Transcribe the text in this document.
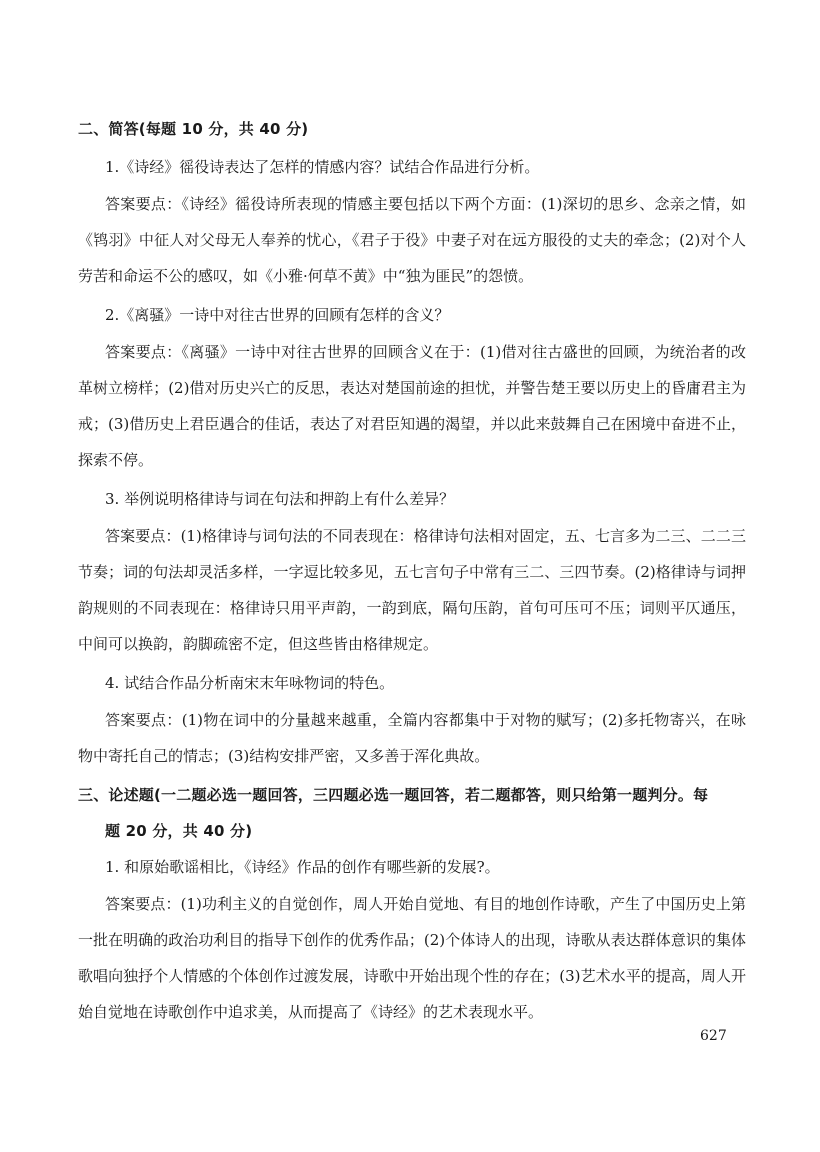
二、简答(每题 10 分，共 40 分)

1.《诗经》徭役诗表达了怎样的情感内容？试结合作品进行分析。

答案要点：《诗经》徭役诗所表现的情感主要包括以下两个方面：(1)深切的思乡、念亲之情，如《鸨羽》中征人对父母无人奉养的忧心，《君子于役》中妻子对在远方服役的丈夫的牵念；(2)对个人劳苦和命运不公的感叹，如《小雅·何草不黄》中“独为匪民”的怨愤。

2.《离骚》一诗中对往古世界的回顾有怎样的含义？

答案要点：《离骚》一诗中对往古世界的回顾含义在于：(1)借对往古盛世的回顾，为统治者的改革树立榜样；(2)借对历史兴亡的反思，表达对楚国前途的担忧，并警告楚王要以历史上的昏庸君主为戒；(3)借历史上君臣遇合的佳话，表达了对君臣知遇的渴望，并以此来鼓舞自己在困境中奋进不止，探索不停。

3. 举例说明格律诗与词在句法和押韵上有什么差异？

答案要点：(1)格律诗与词句法的不同表现在：格律诗句法相对固定，五、七言多为二三、二二三节奏；词的句法却灵活多样，一字逗比较多见，五七言句子中常有三二、三四节奏。(2)格律诗与词押韵规则的不同表现在：格律诗只用平声韵，一韵到底，隔句压韵，首句可压可不压；词则平仄通压，中间可以换韵，韵脚疏密不定，但这些皆由格律规定。

4. 试结合作品分析南宋末年咏物词的特色。

答案要点：(1)物在词中的分量越来越重，全篇内容都集中于对物的赋写；(2)多托物寄兴，在咏物中寄托自己的情志；(3)结构安排严密，又多善于浑化典故。

三、论述题(一二题必选一题回答，三四题必选一题回答，若二题都答，则只给第一题判分。每
题 20 分，共 40 分)

1. 和原始歌谣相比，《诗经》作品的创作有哪些新的发展?。

答案要点：(1)功利主义的自觉创作，周人开始自觉地、有目的地创作诗歌，产生了中国历史上第一批在明确的政治功利目的指导下创作的优秀作品；(2)个体诗人的出现，诗歌从表达群体意识的集体歌唱向独抒个人情感的个体创作过渡发展，诗歌中开始出现个性的存在；(3)艺术水平的提高，周人开始自觉地在诗歌创作中追求美，从而提高了《诗经》的艺术表现水平。

627
